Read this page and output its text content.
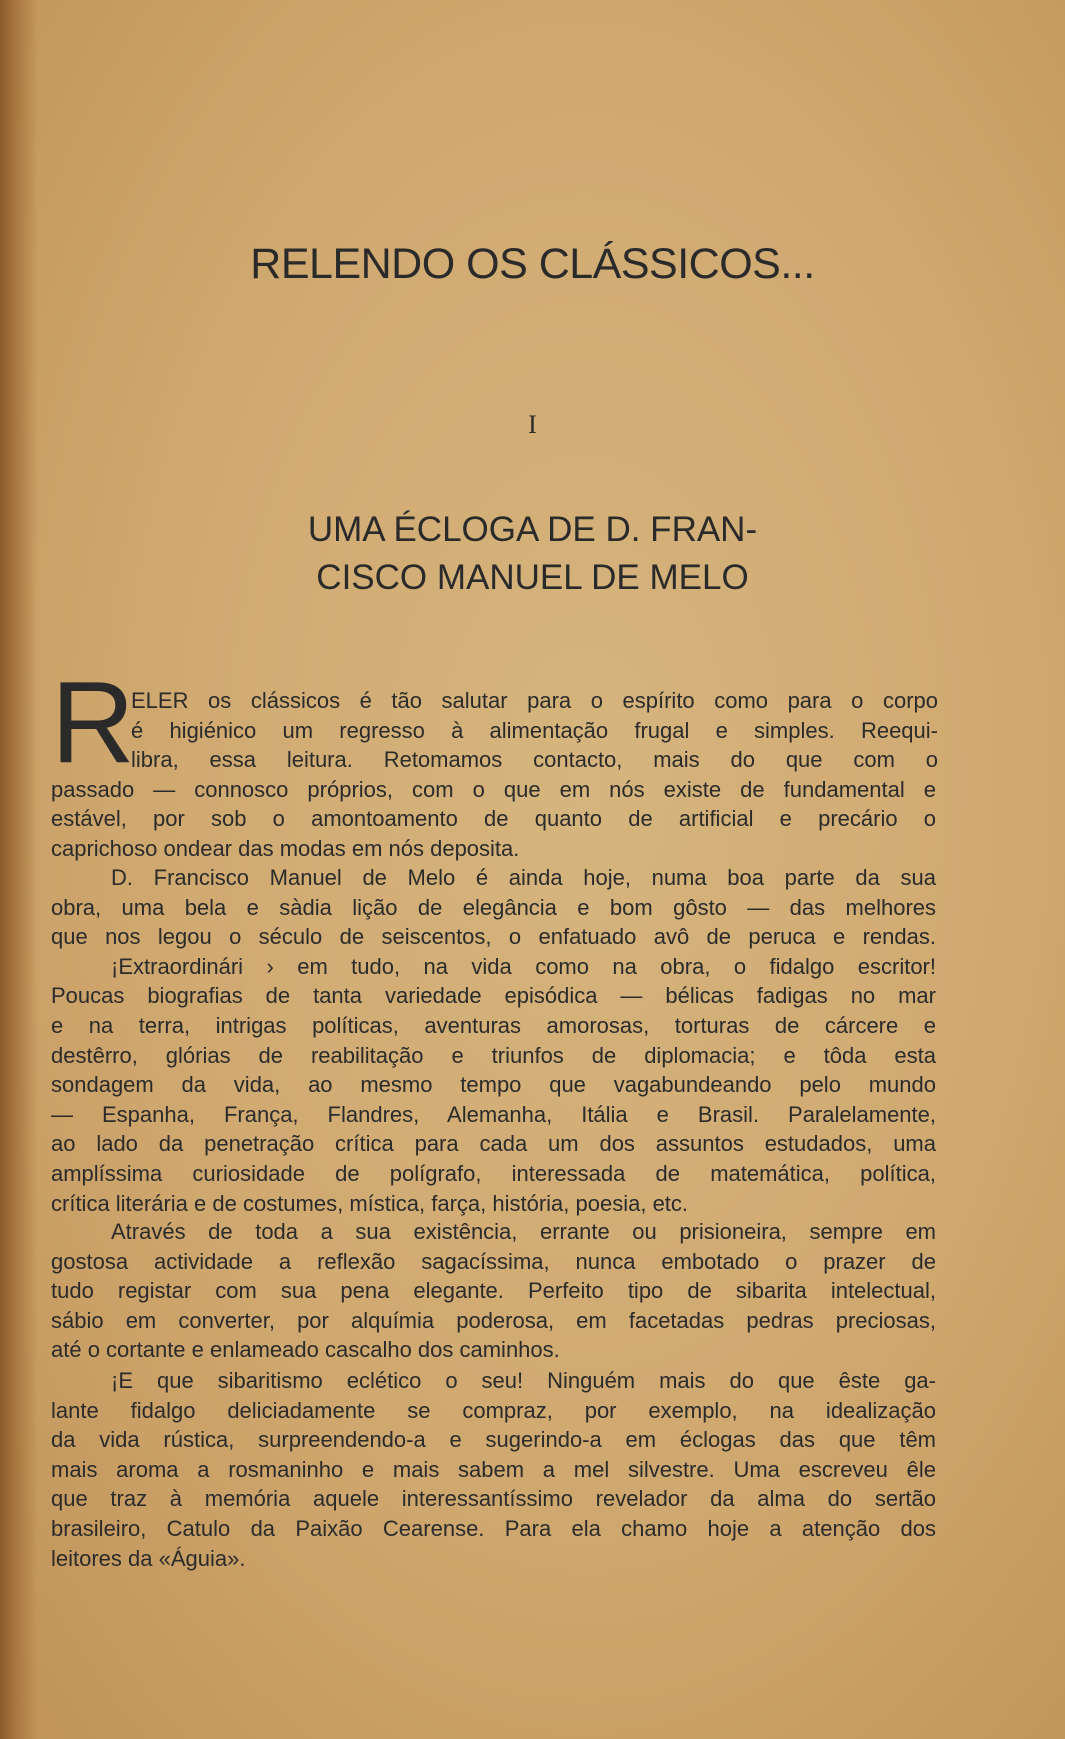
RELENDO OS CLÁSSICOS...
I
UMA ÉCLOGA DE D. FRAN-
CISCO MANUEL DE MELO
R
ELER os clássicos é tão salutar para o espírito como para o corpo
é higiénico um regresso à alimentação frugal e simples. Reequi-
libra, essa leitura. Retomamos contacto, mais do que com o
passado — connosco próprios, com o que em nós existe de fundamental e
estável, por sob o amontoamento de quanto de artificial e precário o
caprichoso ondear das modas em nós deposita.
D. Francisco Manuel de Melo é ainda hoje, numa boa parte da sua
obra, uma bela e sàdia lição de elegância e bom gôsto — das melhores
que nos legou o século de seiscentos, o enfatuado avô de peruca e rendas.
¡Extraordinári › em tudo, na vida como na obra, o fidalgo escritor!
Poucas biografias de tanta variedade episódica — bélicas fadigas no mar
e na terra, intrigas políticas, aventuras amorosas, torturas de cárcere e
destêrro, glórias de reabilitação e triunfos de diplomacia; e tôda esta
sondagem da vida, ao mesmo tempo que vagabundeando pelo mundo
— Espanha, França, Flandres, Alemanha, Itália e Brasil. Paralelamente,
ao lado da penetração crítica para cada um dos assuntos estudados, uma
amplíssima curiosidade de polígrafo, interessada de matemática, política,
crítica literária e de costumes, mística, farça, história, poesia, etc.
Através de toda a sua existência, errante ou prisioneira, sempre em
gostosa actividade a reflexão sagacíssima, nunca embotado o prazer de
tudo registar com sua pena elegante. Perfeito tipo de sibarita intelectual,
sábio em converter, por alquímia poderosa, em facetadas pedras preciosas,
até o cortante e enlameado cascalho dos caminhos.
¡E que sibaritismo eclético o seu! Ninguém mais do que êste ga-
lante fidalgo deliciadamente se compraz, por exemplo, na idealização
da vida rústica, surpreendendo-a e sugerindo-a em éclogas das que têm
mais aroma a rosmaninho e mais sabem a mel silvestre. Uma escreveu êle
que traz à memória aquele interessantíssimo revelador da alma do sertão
brasileiro, Catulo da Paixão Cearense. Para ela chamo hoje a atenção dos
leitores da «Águia».
